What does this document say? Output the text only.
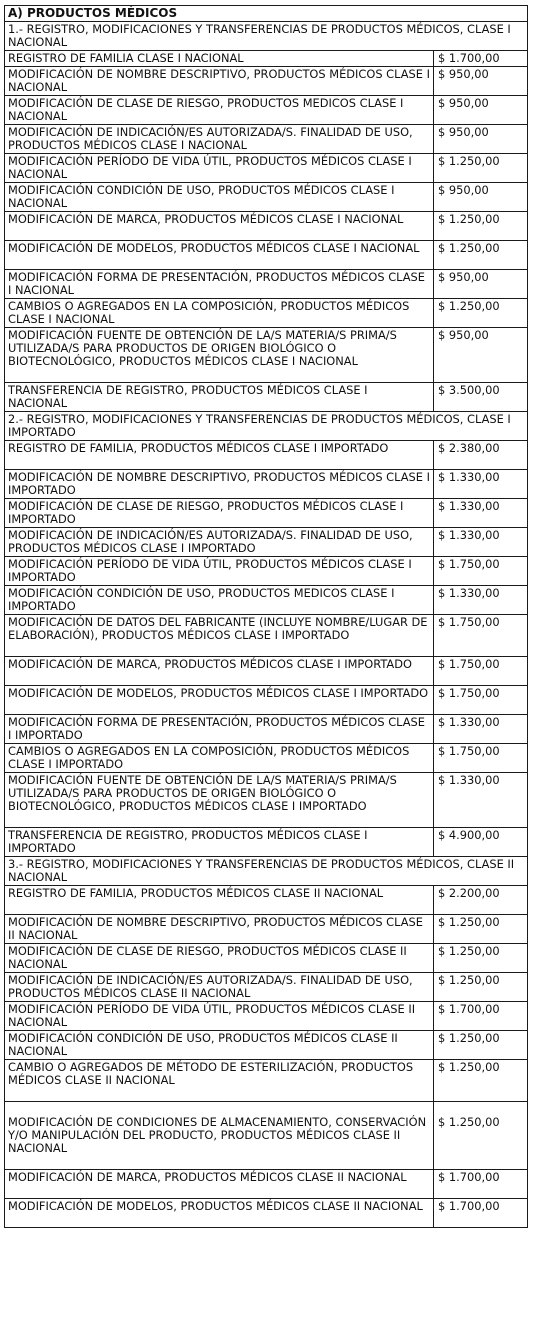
A) PRODUCTOS MÉDICOS	
1.- REGISTRO, MODIFICACIONES Y TRANSFERENCIAS DE PRODUCTOS MÉDICOS, CLASE I NACIONAL	
REGISTRO DE FAMILIA CLASE I NACIONAL	$ 1.700,00
MODIFICACIÓN DE NOMBRE DESCRIPTIVO, PRODUCTOS MÉDICOS CLASE I NACIONAL	$ 950,00
MODIFICACIÓN DE CLASE DE RIESGO, PRODUCTOS MEDICOS CLASE I NACIONAL	$ 950,00
MODIFICACIÓN DE INDICACIÓN/ES AUTORIZADA/S. FINALIDAD DE USO, PRODUCTOS MÉDICOS CLASE I NACIONAL	$ 950,00
MODIFICACIÓN PERÍODO DE VIDA ÚTIL, PRODUCTOS MÉDICOS CLASE I NACIONAL	$ 1.250,00
MODIFICACIÓN CONDICIÓN DE USO, PRODUCTOS MÉDICOS CLASE I NACIONAL	$ 950,00
MODIFICACIÓN DE MARCA, PRODUCTOS MÉDICOS CLASE I NACIONAL	$ 1.250,00
MODIFICACIÓN DE MODELOS, PRODUCTOS MÉDICOS CLASE I NACIONAL	$ 1.250,00
MODIFICACIÓN FORMA DE PRESENTACIÓN, PRODUCTOS MÉDICOS CLASE I NACIONAL	$ 950,00
CAMBIOS O AGREGADOS EN LA COMPOSICIÓN, PRODUCTOS MÉDICOS CLASE I NACIONAL	$ 1.250,00
MODIFICACIÓN FUENTE DE OBTENCIÓN DE LA/S MATERIA/S PRIMA/S UTILIZADA/S PARA PRODUCTOS DE ORIGEN BIOLÓGICO O BIOTECNOLÓGICO, PRODUCTOS MÉDICOS CLASE I NACIONAL	$ 950,00
TRANSFERENCIA DE REGISTRO, PRODUCTOS MÉDICOS CLASE I NACIONAL	$ 3.500,00
2.- REGISTRO, MODIFICACIONES Y TRANSFERENCIAS DE PRODUCTOS MÉDICOS, CLASE I IMPORTADO	
REGISTRO DE FAMILIA, PRODUCTOS MÉDICOS CLASE I IMPORTADO	$ 2.380,00
MODIFICACIÓN DE NOMBRE DESCRIPTIVO, PRODUCTOS MÉDICOS CLASE I IMPORTADO	$ 1.330,00
MODIFICACIÓN DE CLASE DE RIESGO, PRODUCTOS MÉDICOS CLASE I IMPORTADO	$ 1.330,00
MODIFICACIÓN DE INDICACIÓN/ES AUTORIZADA/S. FINALIDAD DE USO, PRODUCTOS MÉDICOS CLASE I IMPORTADO	$ 1.330,00
MODIFICACIÓN PERÍODO DE VIDA ÚTIL, PRODUCTOS MÉDICOS CLASE I IMPORTADO	$ 1.750,00
MODIFICACIÓN CONDICIÓN DE USO, PRODUCTOS MEDICOS CLASE I IMPORTADO	$ 1.330,00
MODIFICACIÓN DE DATOS DEL FABRICANTE (INCLUYE NOMBRE/LUGAR DE ELABORACIÓN), PRODUCTOS MÉDICOS CLASE I IMPORTADO	$ 1.750,00
MODIFICACIÓN DE MARCA, PRODUCTOS MÉDICOS CLASE I IMPORTADO	$ 1.750,00
MODIFICACIÓN DE MODELOS, PRODUCTOS MÉDICOS CLASE I IMPORTADO	$ 1.750,00
MODIFICACIÓN FORMA DE PRESENTACIÓN, PRODUCTOS MÉDICOS CLASE I IMPORTADO	$ 1.330,00
CAMBIOS O AGREGADOS EN LA COMPOSICIÓN, PRODUCTOS MÉDICOS CLASE I IMPORTADO	$ 1.750,00
MODIFICACIÓN FUENTE DE OBTENCIÓN DE LA/S MATERIA/S PRIMA/S UTILIZADA/S PARA PRODUCTOS DE ORIGEN BIOLÓGICO O BIOTECNOLÓGICO, PRODUCTOS MÉDICOS CLASE I IMPORTADO	$ 1.330,00
TRANSFERENCIA DE REGISTRO, PRODUCTOS MÉDICOS CLASE I IMPORTADO	$ 4.900,00
3.- REGISTRO, MODIFICACIONES Y TRANSFERENCIAS DE PRODUCTOS MÉDICOS, CLASE II NACIONAL	
REGISTRO DE FAMILIA, PRODUCTOS MÉDICOS CLASE II NACIONAL	$ 2.200,00
MODIFICACIÓN DE NOMBRE DESCRIPTIVO, PRODUCTOS MÉDICOS CLASE II NACIONAL	$ 1.250,00
MODIFICACIÓN DE CLASE DE RIESGO, PRODUCTOS MÉDICOS CLASE II NACIONAL	$ 1.250,00
MODIFICACIÓN DE INDICACIÓN/ES AUTORIZADA/S. FINALIDAD DE USO, PRODUCTOS MÉDICOS CLASE II NACIONAL	$ 1.250,00
MODIFICACIÓN PERÍODO DE VIDA ÚTIL, PRODUCTOS MÉDICOS CLASE II NACIONAL	$ 1.700,00
MODIFICACIÓN CONDICIÓN DE USO, PRODUCTOS MÉDICOS CLASE II NACIONAL	$ 1.250,00
CAMBIO O AGREGADOS DE MÉTODO DE ESTERILIZACIÓN, PRODUCTOS MÉDICOS CLASE II NACIONAL	$ 1.250,00
MODIFICACIÓN DE CONDICIONES DE ALMACENAMIENTO, CONSERVACIÓN Y/O MANIPULACIÓN DEL PRODUCTO, PRODUCTOS MÉDICOS CLASE II NACIONAL	$ 1.250,00
MODIFICACIÓN DE MARCA, PRODUCTOS MÉDICOS CLASE II NACIONAL	$ 1.700,00
MODIFICACIÓN DE MODELOS, PRODUCTOS MÉDICOS CLASE II NACIONAL	$ 1.700,00
